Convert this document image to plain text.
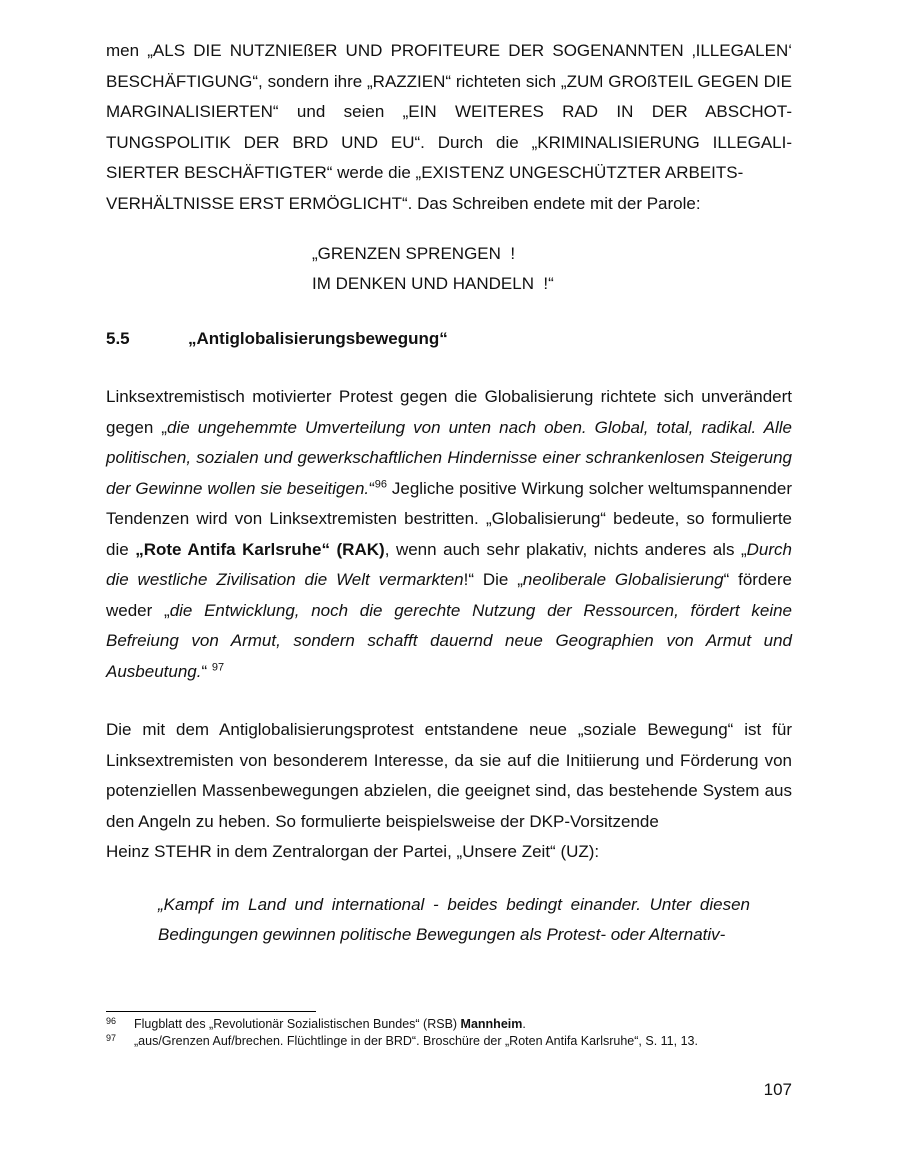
men „ALS DIE NUTZNIEßER UND PROFITEURE DER SOGENANNTEN ‚ILLEGALEN‘ BESCHÄFTIGUNG“, sondern ihre „RAZZIEN“ richteten sich „ZUM GROßTEIL GEGEN DIE MARGINALISIERTEN“ und seien „EIN WEITERES RAD IN DER ABSCHOT- TUNGSPOLITIK DER BRD UND EU“. Durch die „KRIMINALISIERUNG ILLEGALI- SIERTER BESCHÄFTIGTER“ werde die „EXISTENZ UNGESCHÜTZTER ARBEITS-
VERHÄLTNISSE ERST ERMÖGLICHT“. Das Schreiben endete mit der Parole:

„GRENZEN SPRENGEN  !
IM DENKEN UND HANDELN  !“
5.5	„Antiglobalisierungsbewegung“

Linksextremistisch motivierter Protest gegen die Globalisierung richtete sich unverändert gegen „die ungehemmte Umverteilung von unten nach oben. Global, total, radikal. Alle politischen, sozialen und gewerkschaftlichen Hindernisse einer schrankenlosen Steigerung der Gewinne wollen sie beseitigen.“$^{96}$ Jegliche positive Wirkung solcher weltumspannender Tendenzen wird von Linksextremisten bestritten. „Globalisierung“ bedeute, so formulierte die „Rote Antifa Karlsruhe“ (RAK), wenn auch sehr plakativ, nichts anderes als „Durch die westliche Zivilisation die Welt vermarkten!“ Die „neoliberale Globalisierung“ fördere weder „die Entwicklung, noch die gerechte Nutzung der Ressourcen, fördert keine Befreiung von Armut, sondern schafft dauernd neue Geographien von Armut und Ausbeutung.“ $^{97}$

Die mit dem Antiglobalisierungsprotest entstandene neue „soziale Bewegung“ ist für Linksextremisten von besonderem Interesse, da sie auf die Initiierung und Förderung von potenziellen Massenbewegungen abzielen, die geeignet sind, das bestehende System aus den Angeln zu heben. So formulierte beispielsweise der DKP-Vorsitzende
Heinz STEHR in dem Zentralorgan der Partei, „Unsere Zeit“ (UZ):

„Kampf im Land und international - beides bedingt einander. Unter diesen Bedingungen gewinnen politische Bewegungen als Protest- oder Alternativ-
96 Flugblatt des „Revolutionär Sozialistischen Bundes“ (RSB) Mannheim.
97 „aus/Grenzen Auf/brechen. Flüchtlinge in der BRD“. Broschüre der „Roten Antifa Karlsruhe“, S. 11, 13.
107
